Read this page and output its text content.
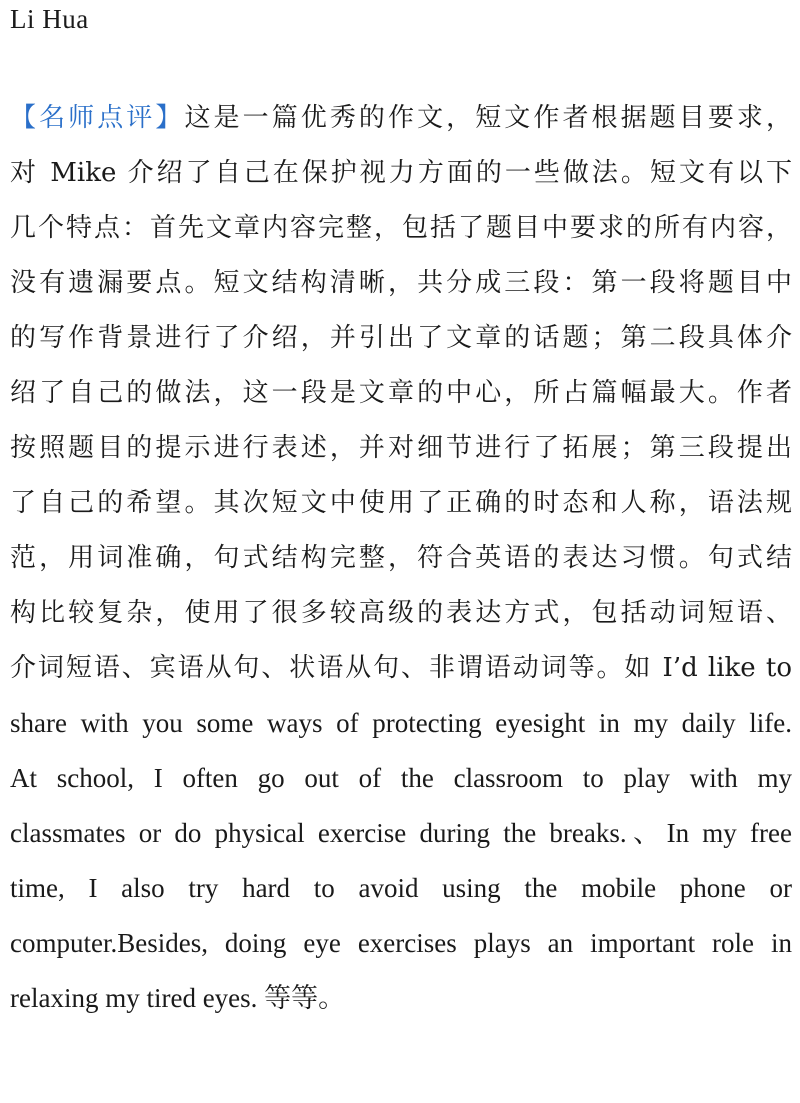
Li Hua
【名师点评】这是一篇优秀的作文，短文作者根据题目要求，
对 Mike 介绍了自己在保护视力方面的一些做法。短文有以下
几个特点：首先文章内容完整，包括了题目中要求的所有内容，
没有遗漏要点。短文结构清晰，共分成三段：第一段将题目中
的写作背景进行了介绍，并引出了文章的话题；第二段具体介
绍了自己的做法，这一段是文章的中心，所占篇幅最大。作者
按照题目的提示进行表述，并对细节进行了拓展；第三段提出
了自己的希望。其次短文中使用了正确的时态和人称，语法规
范，用词准确，句式结构完整，符合英语的表达习惯。句式结
构比较复杂，使用了很多较高级的表达方式，包括动词短语、
介词短语、宾语从句、状语从句、非谓语动词等。如 I’d like to
share with you some ways of protecting eyesight in my daily life.
At school, I often go out of the classroom to play with my
classmates or do physical exercise during the breaks.、In my free
time, I also try hard to avoid using the mobile phone or
computer.Besides, doing eye exercises plays an important role in
relaxing my tired eyes. 等等。
